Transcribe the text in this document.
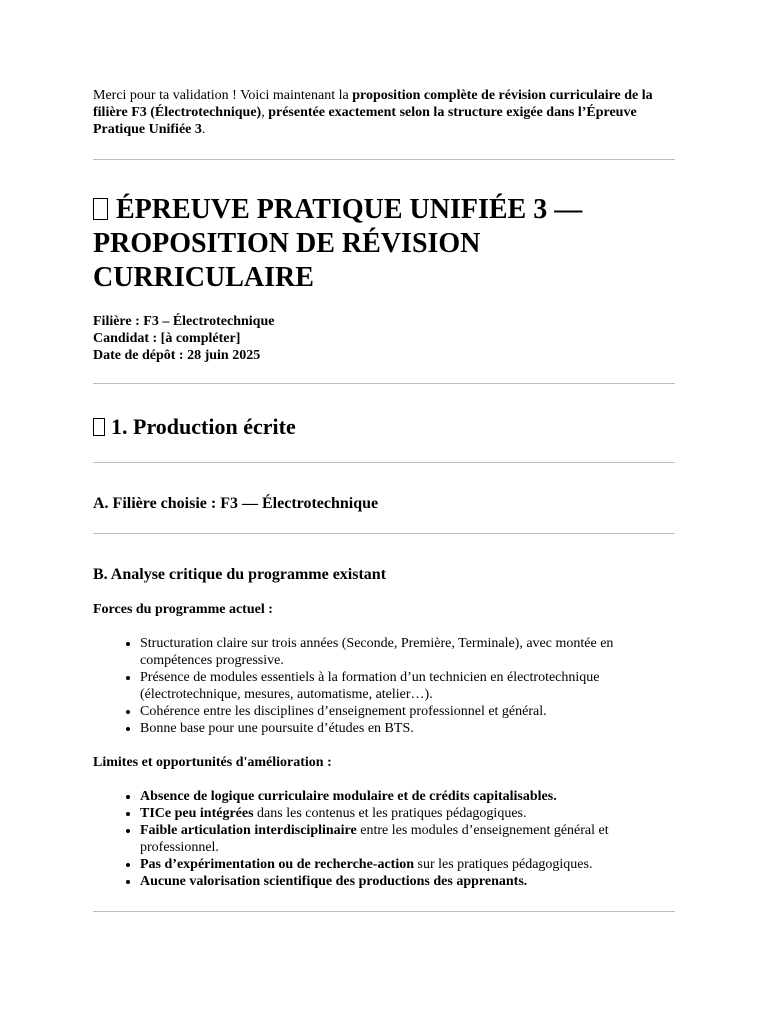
Merci pour ta validation ! Voici maintenant la proposition complète de révision curriculaire de la filière F3 (Électrotechnique), présentée exactement selon la structure exigée dans l’Épreuve Pratique Unifiée 3.

ÉPREUVE PRATIQUE UNIFIÉE 3 — PROPOSITION DE RÉVISION CURRICULAIRE

Filière : F3 – Électrotechnique

Candidat : [à compléter]

Date de dépôt : 28 juin 2025

1. Production écrite
A. Filière choisie : F3 — Électrotechnique
B. Analyse critique du programme existant
Forces du programme actuel :
• Structuration claire sur trois années (Seconde, Première, Terminale), avec montée en compétences progressive.
• Présence de modules essentiels à la formation d’un technicien en électrotechnique (électrotechnique, mesures, automatisme, atelier…).
• Cohérence entre les disciplines d’enseignement professionnel et général.
• Bonne base pour une poursuite d’études en BTS.
Limites et opportunités d'amélioration :
• Absence de logique curriculaire modulaire et de crédits capitalisables.
• TICe peu intégrées dans les contenus et les pratiques pédagogiques.
• Faible articulation interdisciplinaire entre les modules d’enseignement général et professionnel.
• Pas d’expérimentation ou de recherche-action sur les pratiques pédagogiques.
• Aucune valorisation scientifique des productions des apprenants.
